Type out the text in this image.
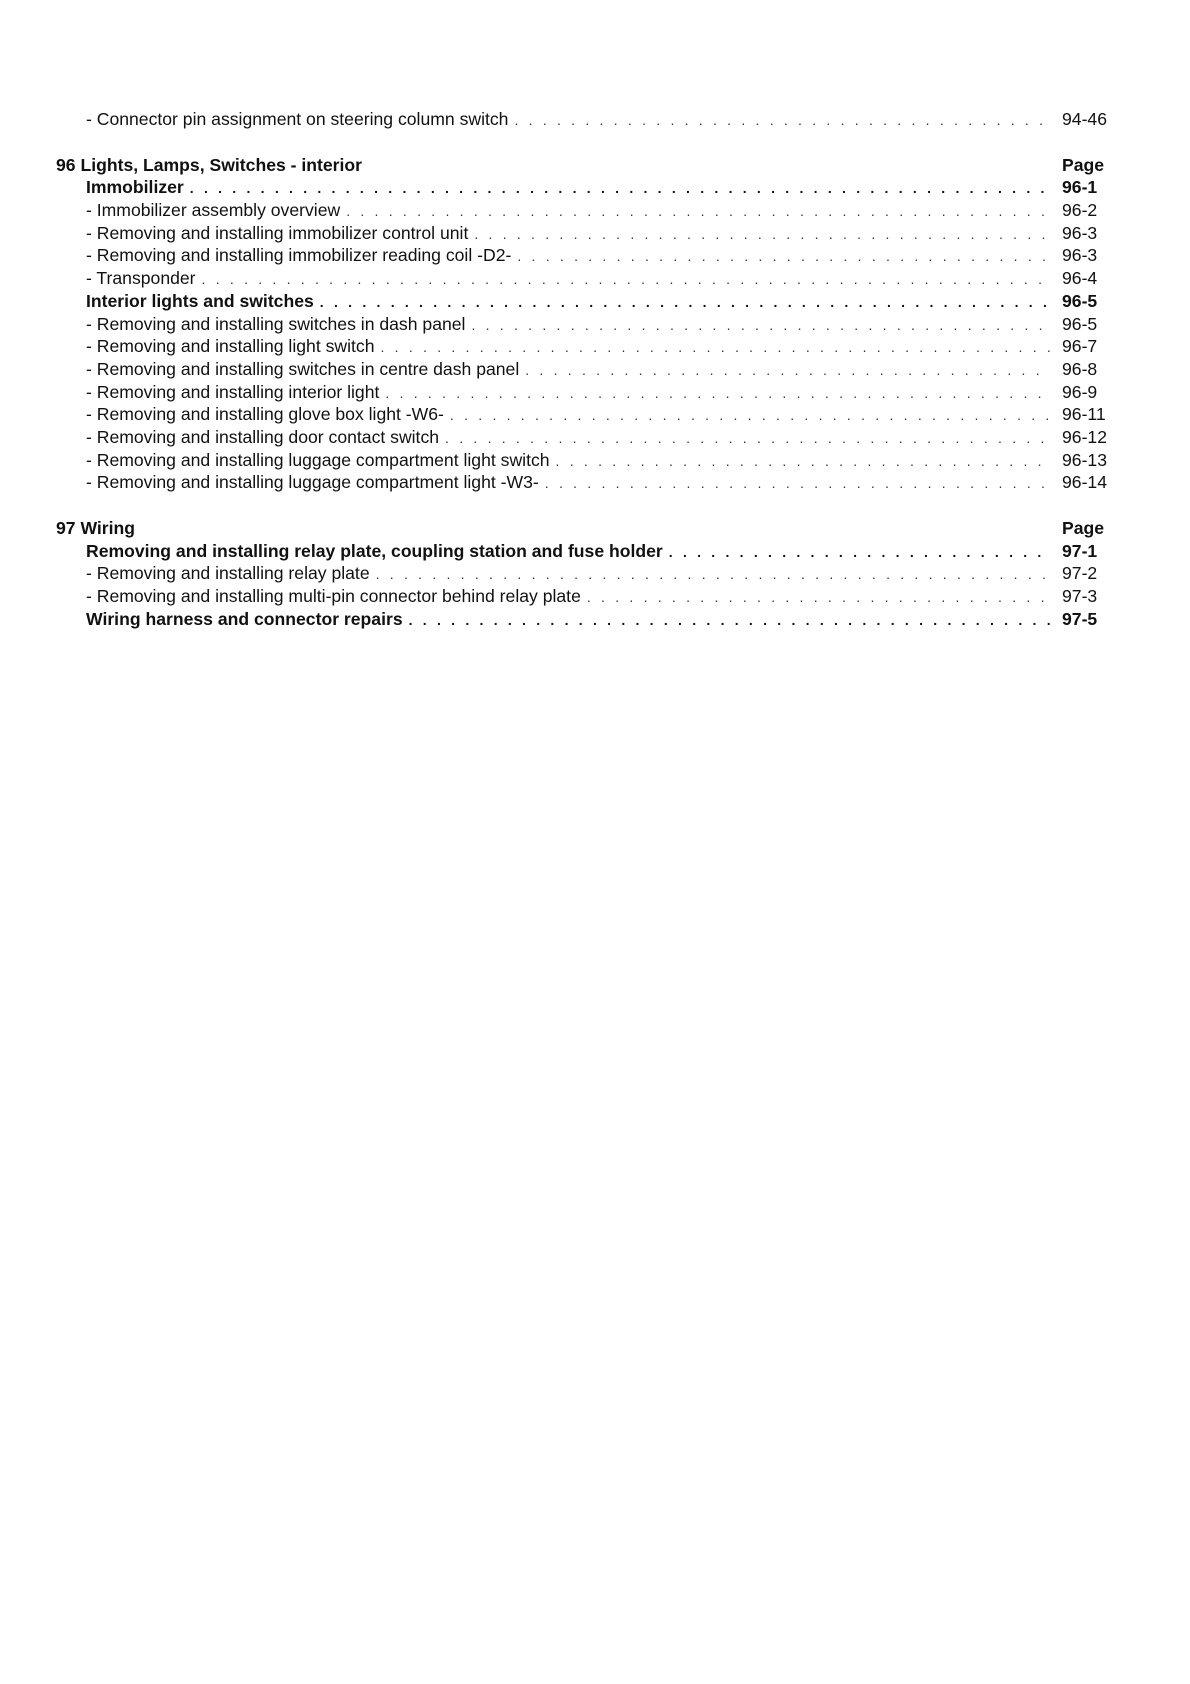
- Connector pin assignment on steering column switch . . .	94-46
96 Lights, Lamps, Switches - interior	Page
Immobilizer . . .	96-1
- Immobilizer assembly overview . . .	96-2
- Removing and installing immobilizer control unit . . .	96-3
- Removing and installing immobilizer reading coil -D2- . . .	96-3
- Transponder . . .	96-4
Interior lights and switches . . .	96-5
- Removing and installing switches in dash panel . . .	96-5
- Removing and installing light switch . . .	96-7
- Removing and installing switches in centre dash panel . . .	96-8
- Removing and installing interior light . . .	96-9
- Removing and installing glove box light -W6- . . .	96-11
- Removing and installing door contact switch . . .	96-12
- Removing and installing luggage compartment light switch . . .	96-13
- Removing and installing luggage compartment light -W3- . . .	96-14
97 Wiring	Page
Removing and installing relay plate, coupling station and fuse holder . . .	97-1
- Removing and installing relay plate . . .	97-2
- Removing and installing multi-pin connector behind relay plate . . .	97-3
Wiring harness and connector repairs . . .	97-5
